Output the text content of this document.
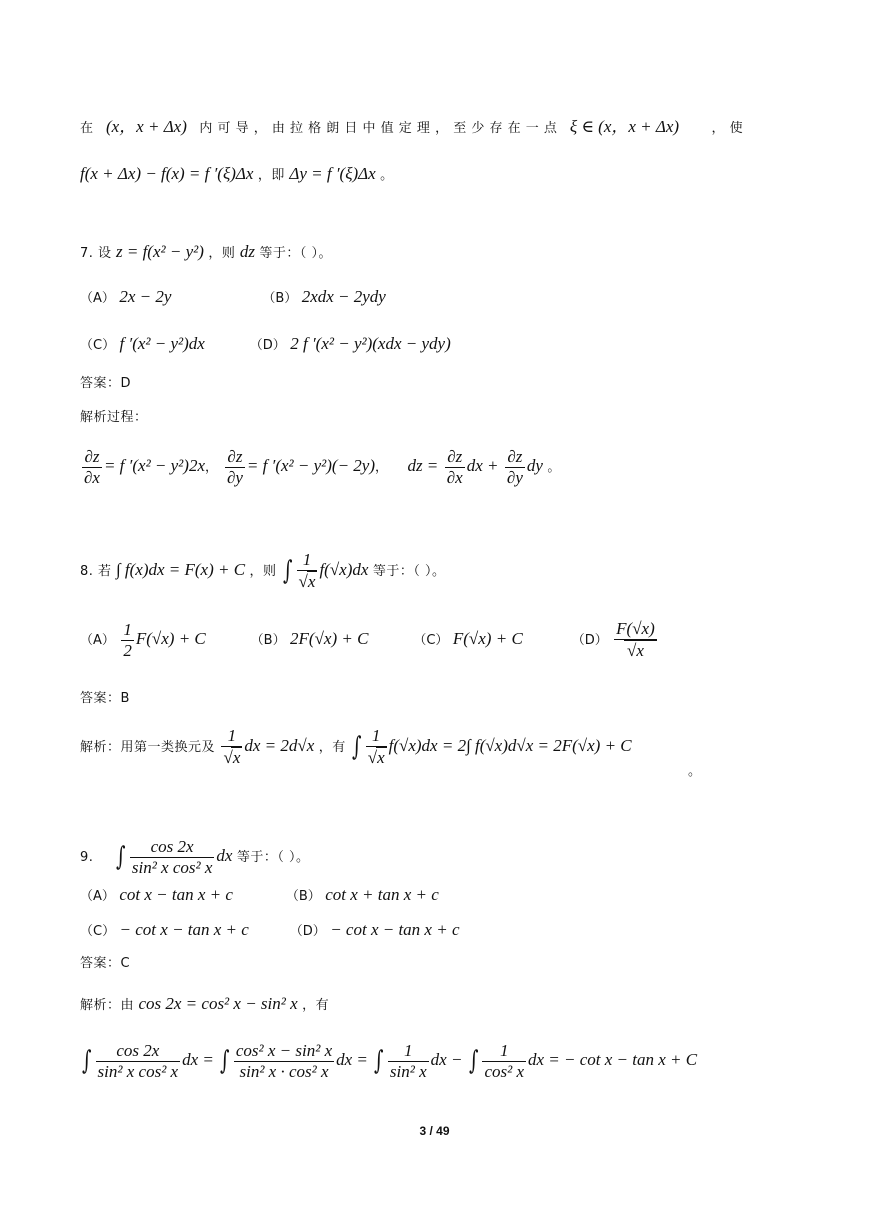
在 (x，x + Δx) 内 可 导 ， 由 拉 格 朗 日 中 值 定 理 ， 至 少 存 在 一 点 ξ ∈ (x，x + Δx) ， 使
f(x + Δx) − f(x) = f ′(ξ)Δx ，即 Δy = f ′(ξ)Δx 。
7. 设 z = f(x² − y²) ，则 dz 等于：（ ）。
（A） 2x − 2y	（B） 2xdx − 2ydy
（C） f ′(x² − y²)dx	（D） 2 f ′(x² − y²)(xdx − ydy)
答案：D
解析过程：
$\frac{\partial z}{\partial x} = f$ ′(x² − y²)2x， $\frac{\partial z}{\partial y} = f$ ′(x² − y²)(− 2y)， dz = $\frac{\partial z}{\partial x}$ dx + $\frac{\partial z}{\partial y}$ dy 。
8. 若 ∫ f(x)dx = F(x) + C ，则 ∫ 1
√ x f(√x)dx 等于：（ ）。
$(A) \frac{1}{2} F(√x) + C$	（B） 2F(√x) + C	（C） F(√x) + C	（D） F(√x)
√ x
答案：B
解析：用第一类换元及 1
√ x dx = 2d√x ，有 ∫ 1
√ x f(√x)dx = 2∫ f(√x)d√x = 2F(√x) + C
。
9. ∫ $\frac{\cos 2x}{\text{sin² x cos² x}}$ dx 等于：（ ）。
（A） cot x − tan x + c	（B） cot x + tan x + c
（C） − cot x − tan x + c	（D） − cot x − tan x + c
答案：C
解析：由 cos 2x = cos² x − sin² x ，有
∫ $\frac{\cos 2x}{\text{sin² x cos² x}}$ dx = ∫ $\frac{\text{cos² x − sin² x}}{\text{sin² x · cos² x}}$ dx = ∫ $\frac{1}{\text{sin² x}}$ dx − ∫ $\frac{1}{\text{cos² x}}$ dx = − cot x − tan x + C
3 / 49
